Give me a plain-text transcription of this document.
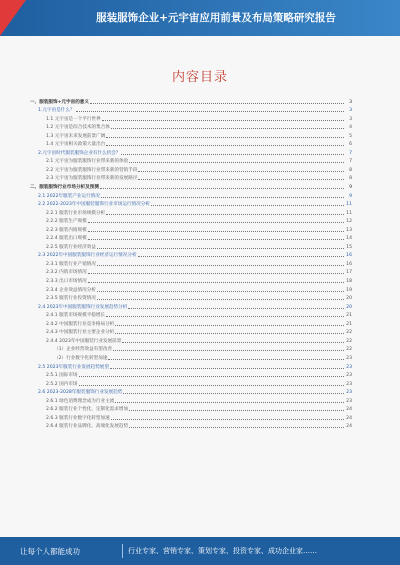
服装服饰企业+元宇宙应用前景及布局策略研究报告
内容目录
一、服装服饰+元宇宙的意义	3
1.元宇宙是什么？	3
1.1 元宇宙是一个平行世界	3
1.2 元宇宙是综合技术的集合体	4
1.3 元宇宙未来发展前景广阔	5
1.4 元宇宙相关政策大量出台	6
2.元宇宙时代服装服饰企业有什么机会？	7
2.1 元宇宙为服装服饰行业带来新的体验	7
2.2 元宇宙为服装服饰行业带来新的营销手段	8
2.3 元宇宙为服装服饰行业带来新的发展路径	8
二、服装服饰行业市场分析及预测	9
2.1 2022年服装产业运行情况	9
2.2 2022-2023年中国服装服饰行业市场运行情况分析	11
2.2.1 服装行业市场规模分析	11
2.2.2 服装生产规模	12
2.2.3 服装内销规模	13
2.2.4 服装出口规模	14
2.2.5 服装行业经济效益	15
2.3 2022年中国服装服饰行业经济运行情况分析	16
2.3.1 服装行业产销情况	16
2.3.2 内销市场情况	17
2.3.3 出口市场情况	18
2.3.4 企业效益情况分析	19
2.3.5 服装行业投资情况	20
2.4 2023年中国服装服饰行业发展趋势分析	20
2.4.1 服装市场规模平稳增长	21
2.4.2 中国服装行业竞争格局分析	21
2.4.3 中国服装行业主要企业分析	22
2.4.4 2023年中国服装行业发展前景	22
（1）企业经营效益有望改善	22
（2）行业数字化转型加速	23
2.5 2023年服装行业发展趋势展望	23
2.5.1 国际市场	23
2.5.2 国内市场	23
2.6 2023-2028年服装服饰行业发展趋势	23
2.6.1 绿色消费理念成为行业主流	23
2.6.2 服装行业个性化、定制化需求增加	24
2.6.3 服装行业数字化转型加速	24
2.6.4 服装行业品牌化、高端化发展趋势	24
让每个人都能成功	行业专家、营销专家、策划专家、投资专家、成功企业家……
